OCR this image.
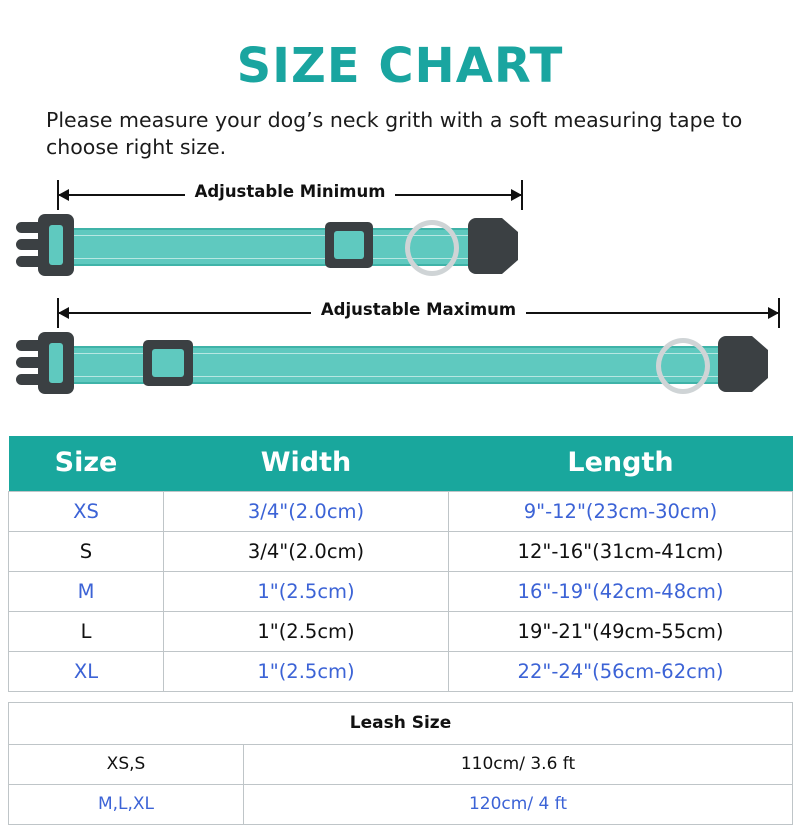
SIZE CHART

Please measure your dog’s neck grith with a soft measuring tape to choose right size.

Adjustable Minimum
Adjustable Maximum
Size	Width	Length
XS	3/4"(2.0cm)	9"-12"(23cm-30cm)
S	3/4"(2.0cm)	12"-16"(31cm-41cm)
M	1"(2.5cm)	16"-19"(42cm-48cm)
L	1"(2.5cm)	19"-21"(49cm-55cm)
XL	1"(2.5cm)	22"-24"(56cm-62cm)
Leash Size	
XS,S	110cm/ 3.6 ft
M,L,XL	120cm/ 4 ft
